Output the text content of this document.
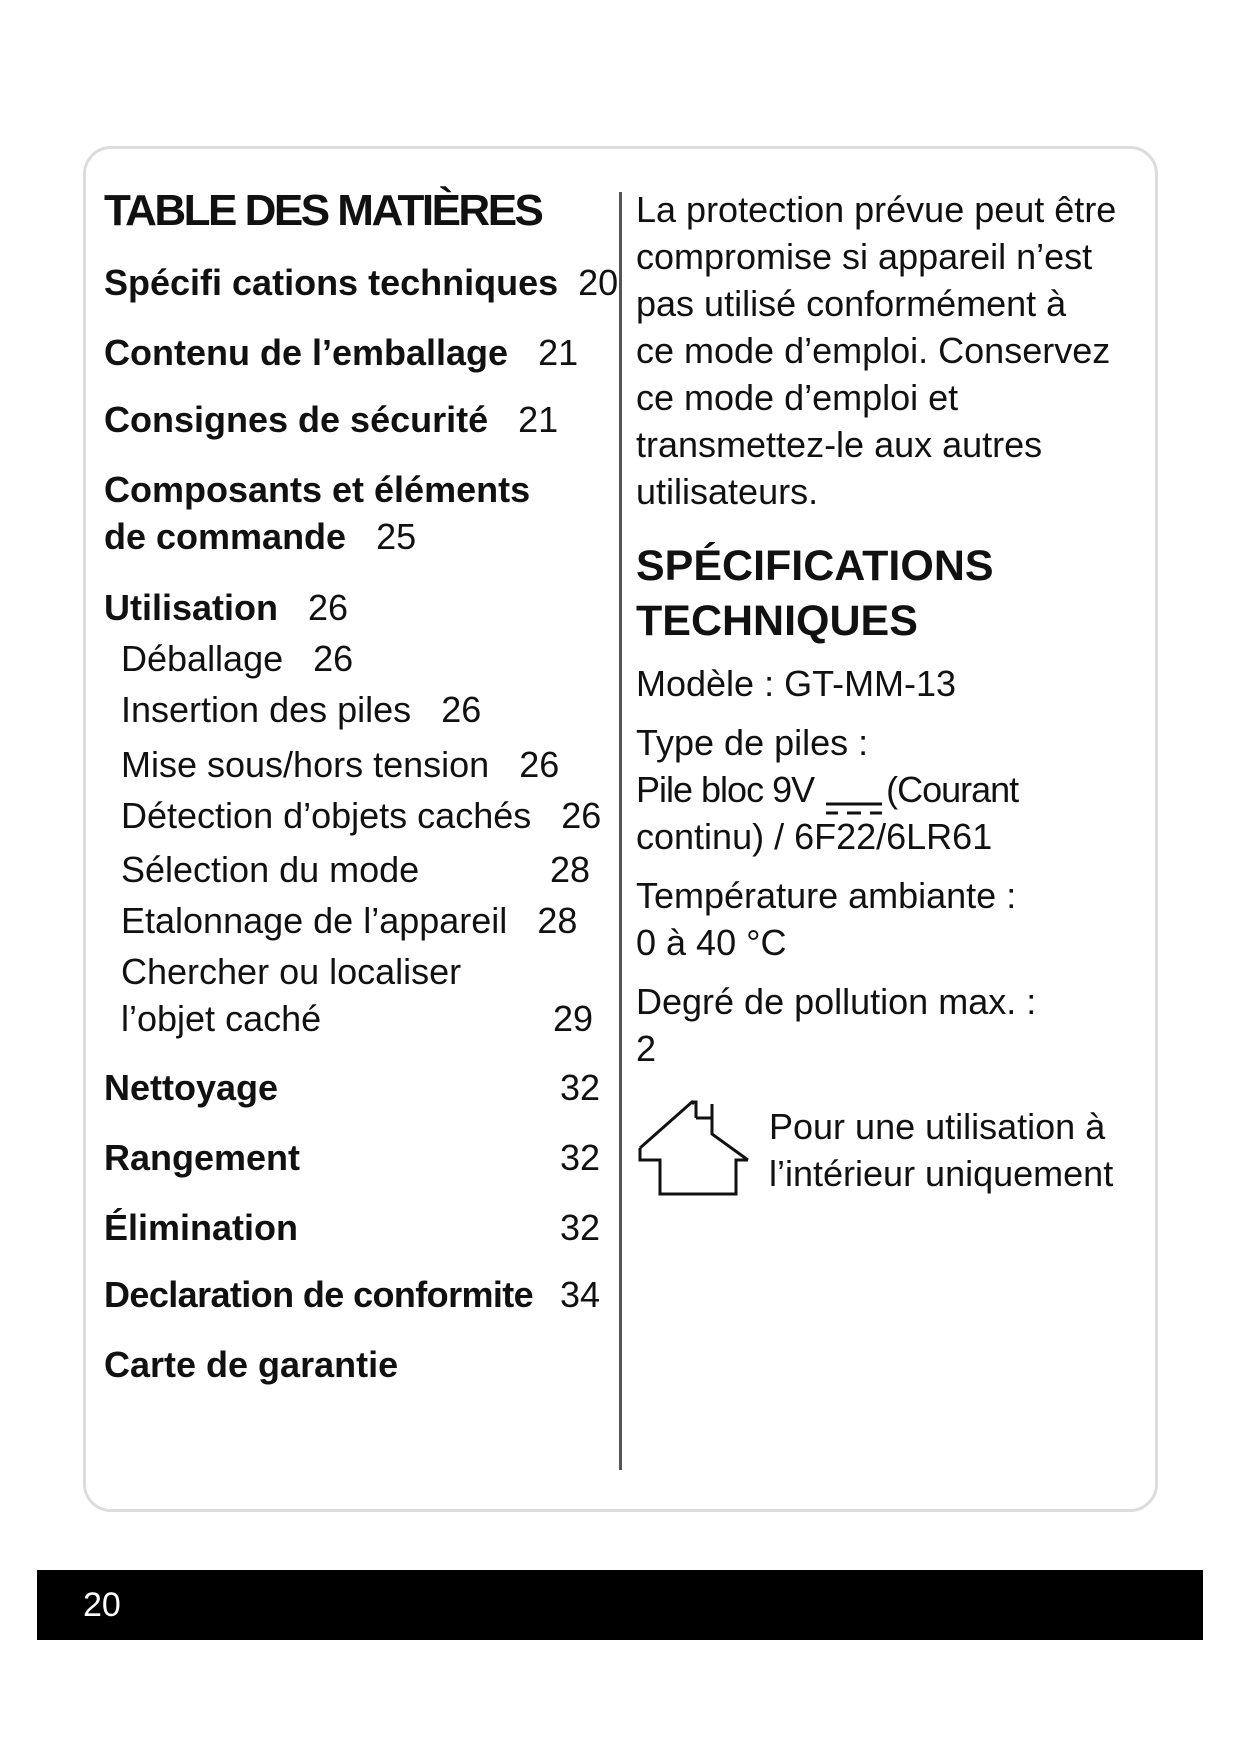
TABLE DES MATIÈRES
Spécifi cations techniques 20
Contenu de l’emballage 21
Consignes de sécurité 21
Composants et éléments
de commande 25
Utilisation 26
Déballage 26
Insertion des piles 26
Mise sous/hors tension 26
Détection d’objets cachés 26
Sélection du mode	28
Etalonnage de l’appareil 28
Chercher ou localiser
l’objet caché	29
Nettoyage	32
Rangement	32
Élimination	32
Declaration de conformite 34
Carte de garantie
La protection prévue peut être
compromise si appareil n’est
pas utilisé conformément à
ce mode d’emploi. Conservez
ce mode d’emploi et
transmettez-le aux autres
utilisateurs.
SPÉCIFICATIONS
TECHNIQUES
Modèle : GT-MM-13
Type de piles :
Pile bloc 9V (Courant
continu) / 6F22/6LR61
Température ambiante :
0 à 40 °C
Degré de pollution max. :
2
Pour une utilisation à
l’intérieur uniquement
20
